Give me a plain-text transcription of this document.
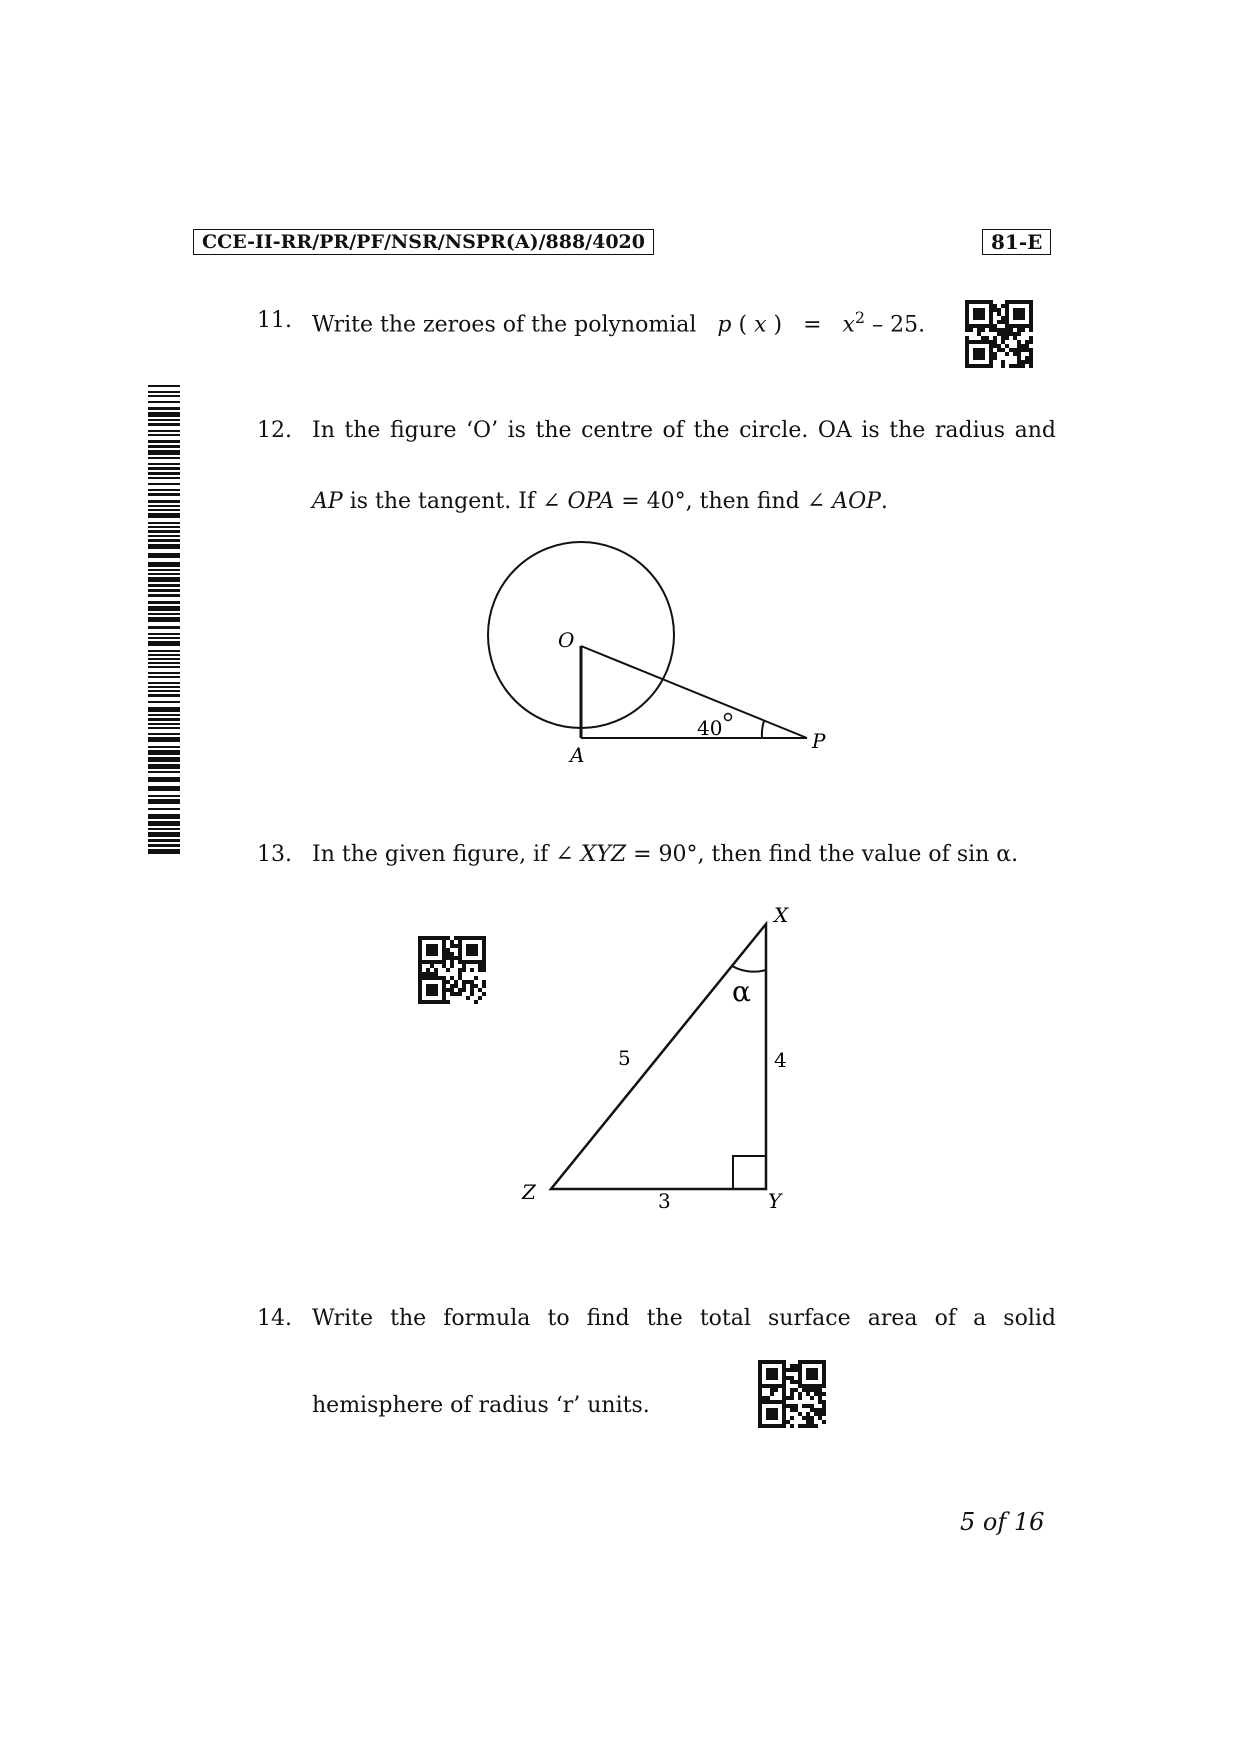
CCE-II-RR/PR/PF/NSR/NSPR(A)/888/4020	81-E
11. Write the zeroes of the polynomial p ( x ) = $x^2 - 25$.
12. In the figure ‘O’ is the centre of the circle. OA is the radius and
AP is the tangent. If ∠ OPA = 40°, then find ∠ AOP.
O
A
P
40
13. In the given figure, if ∠ XYZ = 90°, then find the value of sin α.
X
Y
Z
α
5	4
3
14. Write the formula to find the total surface area of a solid
hemisphere of radius ‘r’ units.
5 of 16
